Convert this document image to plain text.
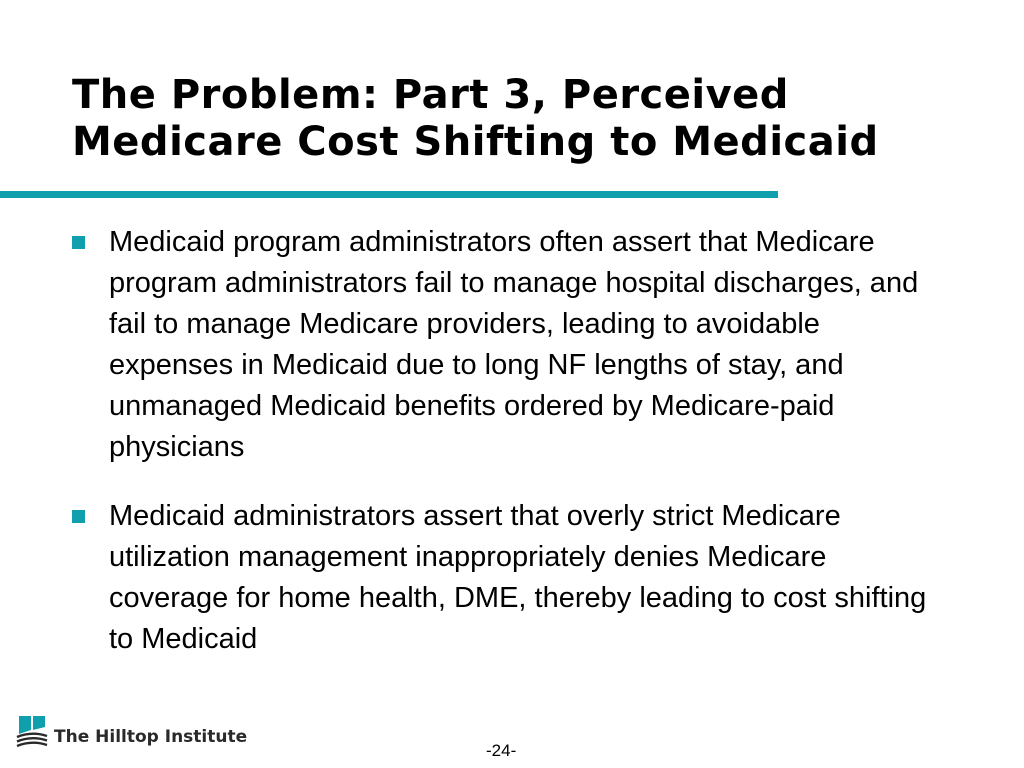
The Problem: Part 3, Perceived Medicare Cost Shifting to Medicaid
Medicaid program administrators often assert that Medicare program administrators fail to manage hospital discharges, and fail to manage Medicare providers, leading to avoidable expenses in Medicaid due to long NF lengths of stay, and unmanaged Medicaid benefits ordered by Medicare-paid physicians
Medicaid administrators assert that overly strict Medicare utilization management inappropriately denies Medicare coverage for home health, DME, thereby leading to cost shifting to Medicaid
The Hilltop Institute
-24-
